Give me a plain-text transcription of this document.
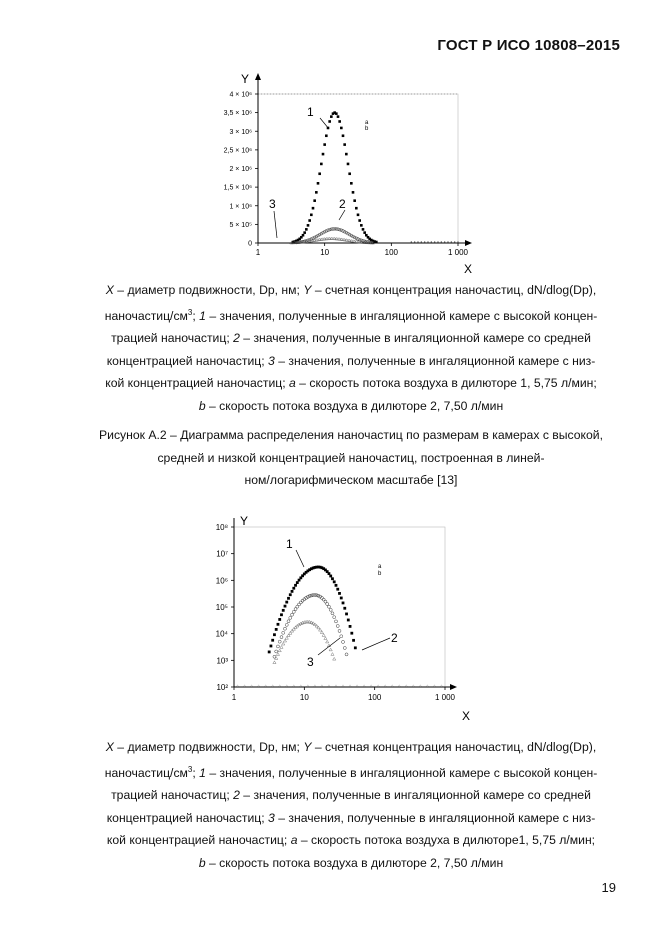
ГОСТ Р ИСО 10808–2015
Y
X
a
b
1
2
3
0
5 × 10⁵
1 × 10⁶
1,5 × 10⁶
2 × 10⁶
2,5 × 10⁶
3 × 10⁶
3,5 × 10⁶
4 × 10⁶
1	10	100	1 000
X – диаметр подвижности, Dp, нм; Y – счетная концентрация наночастиц, dN/dlog(Dp),
наночастиц/$см^3$; 1 – значения, полученные в ингаляционной камере с высокой концен-
трацией наночастиц; 2 – значения, полученные в ингаляционной камере со средней
концентрацией наночастиц; 3 – значения, полученные в ингаляционной камере с низ-
кой концентрацией наночастиц; a – скорость потока воздуха в дилюторе 1, 5,75 л/мин;
b – скорость потока воздуха в дилюторе 2, 7,50 л/мин
Рисунок А.2 – Диаграмма распределения наночастиц по размерам в камерах с высокой,
средней и низкой концентрацией наночастиц, построенная в линей-
ном/логарифмическом масштабе [13]
Y
X
a
b
1
2
3
10²
10³
10⁴
10⁵
10⁶
10⁷
10⁸
1	10	100	1 000
X – диаметр подвижности, Dp, нм; Y – счетная концентрация наночастиц, dN/dlog(Dp),
наночастиц/$см^3$; 1 – значения, полученные в ингаляционной камере с высокой концен-
трацией наночастиц; 2 – значения, полученные в ингаляционной камере со средней
концентрацией наночастиц; 3 – значения, полученные в ингаляционной камере с низ-
кой концентрацией наночастиц; a – скорость потока воздуха в дилюторе1, 5,75 л/мин;
b – скорость потока воздуха в дилюторе 2, 7,50 л/мин
19
